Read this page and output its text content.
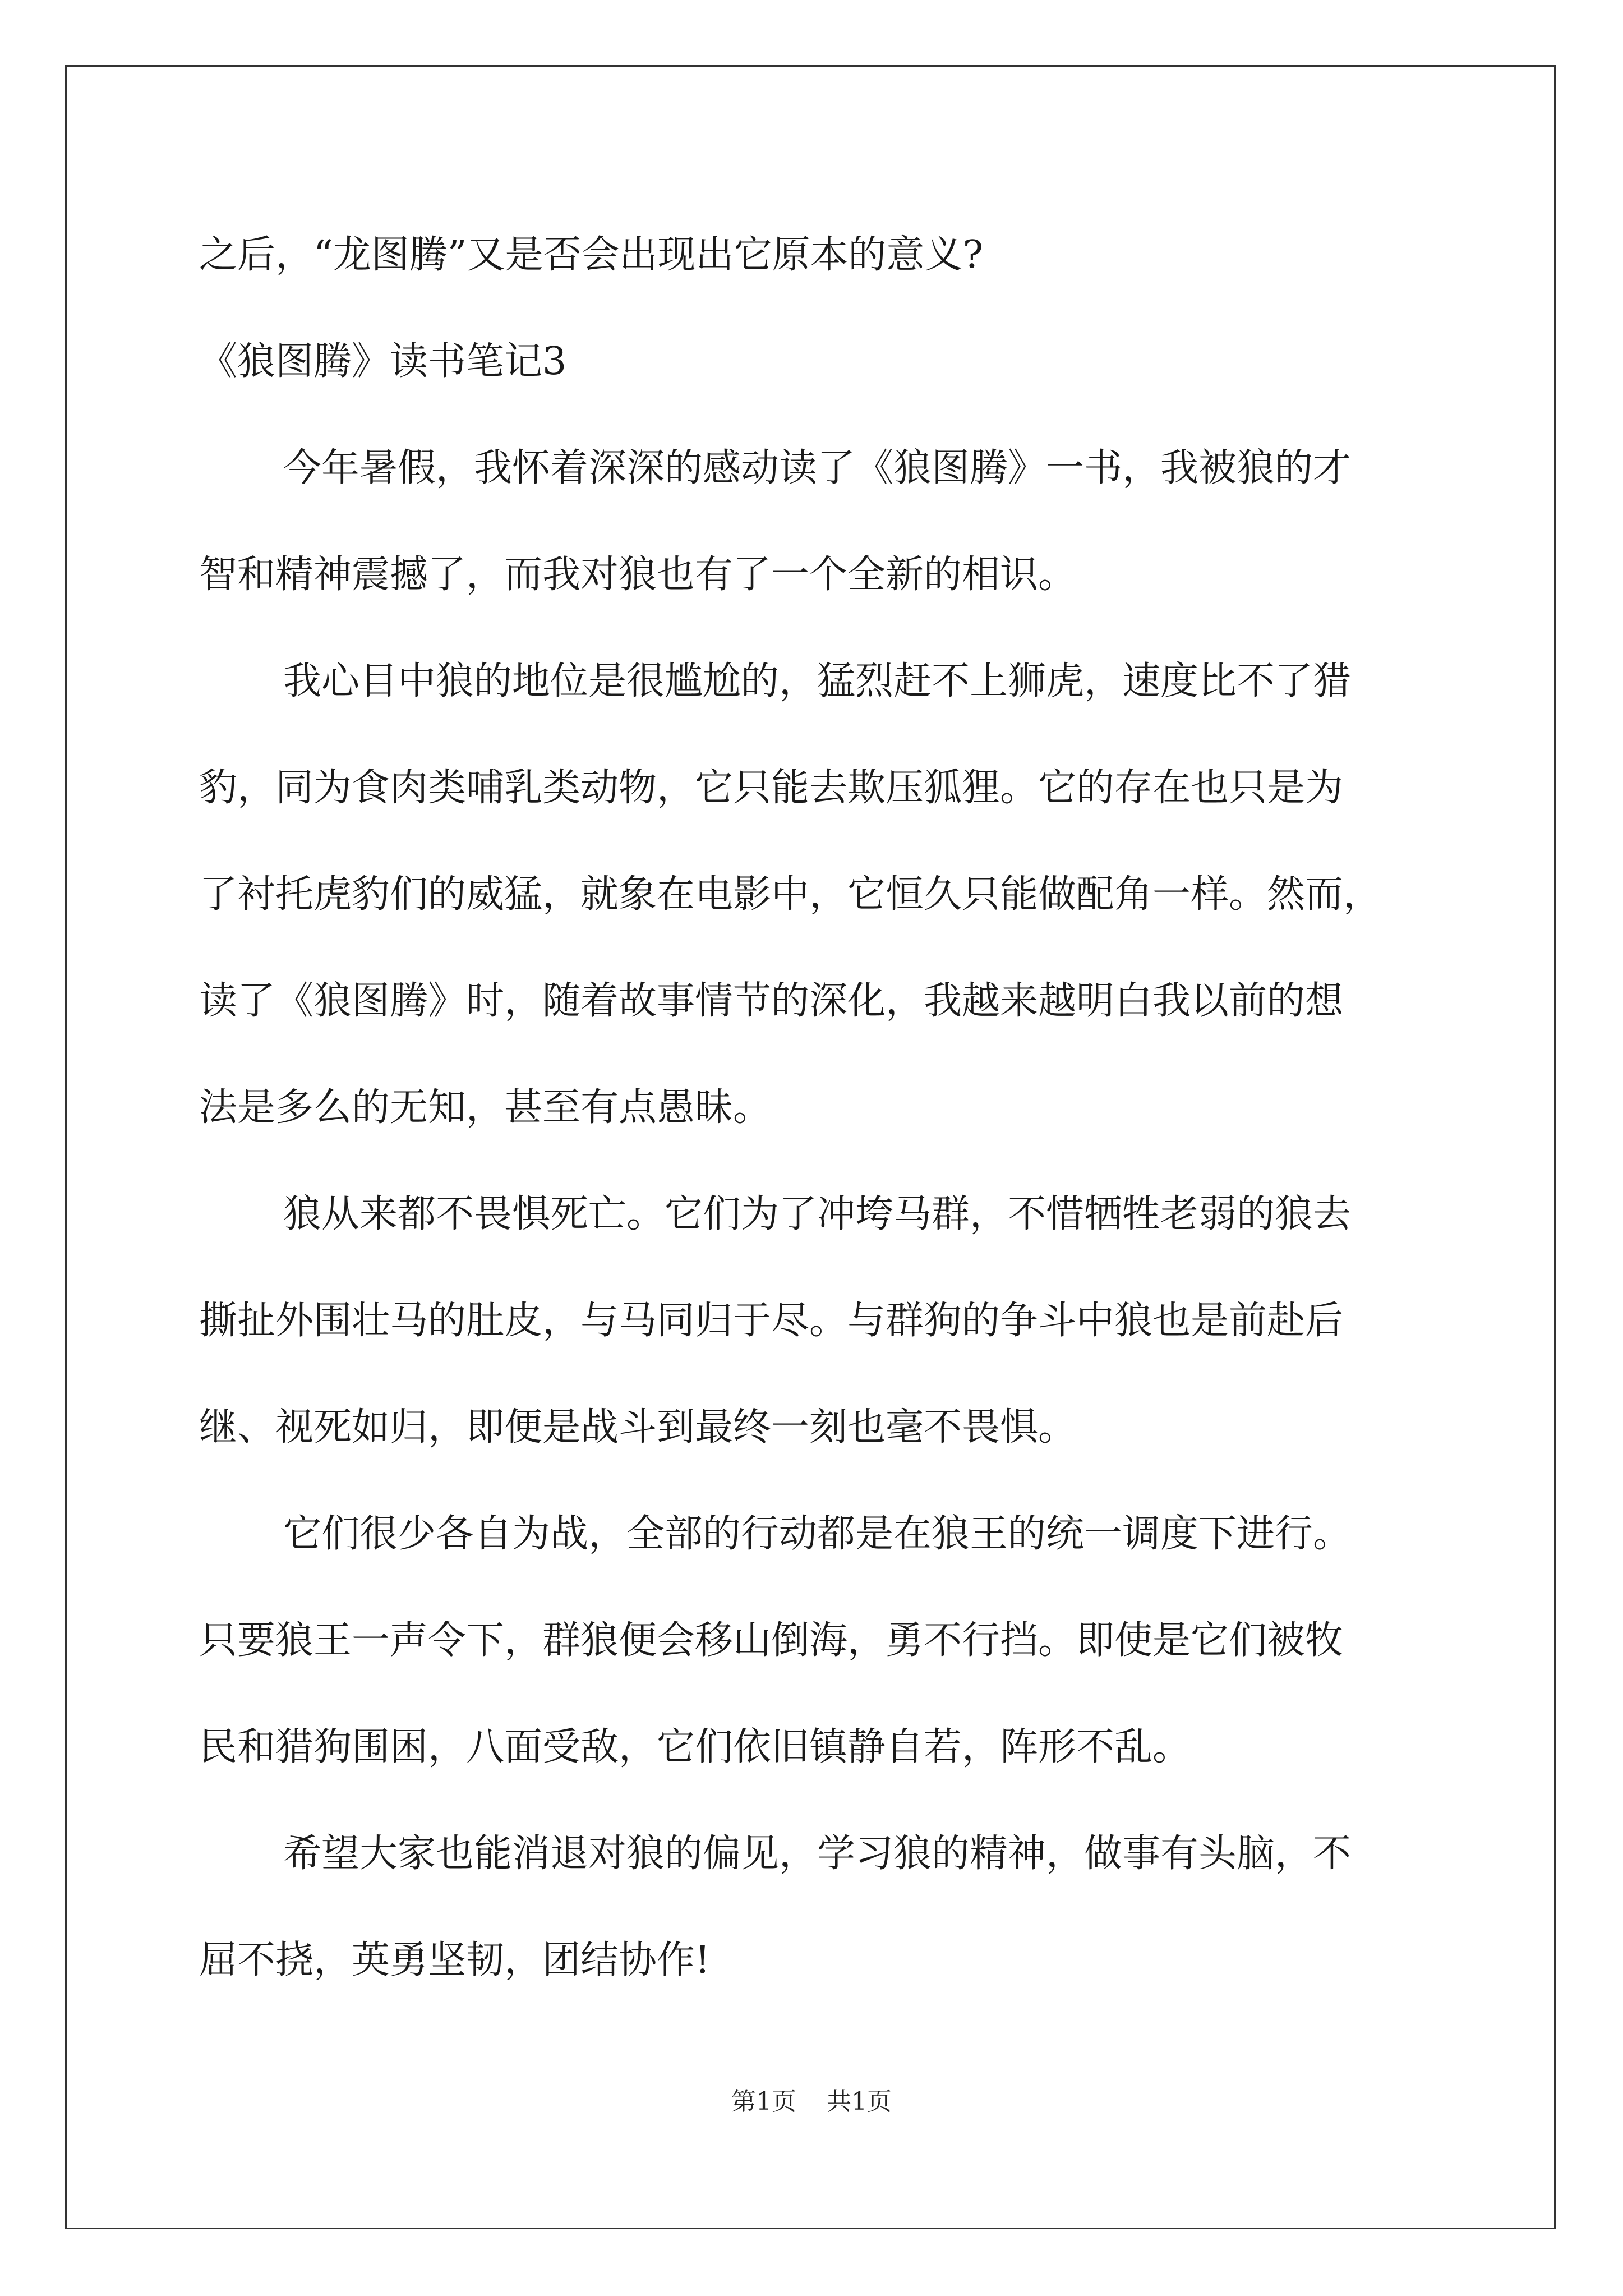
之后，“龙图腾”又是否会出现出它原本的意义?

《狼图腾》读书笔记3

今年暑假，我怀着深深的感动读了《狼图腾》一书，我被狼的才

智和精神震撼了，而我对狼也有了一个全新的相识。

我心目中狼的地位是很尴尬的，猛烈赶不上狮虎，速度比不了猎

豹，同为食肉类哺乳类动物，它只能去欺压狐狸。它的存在也只是为

了衬托虎豹们的威猛，就象在电影中，它恒久只能做配角一样。然而，

读了《狼图腾》时，随着故事情节的深化，我越来越明白我以前的想

法是多么的无知，甚至有点愚昧。

狼从来都不畏惧死亡。它们为了冲垮马群，不惜牺牲老弱的狼去

撕扯外围壮马的肚皮，与马同归于尽。与群狗的争斗中狼也是前赴后

继、视死如归，即便是战斗到最终一刻也毫不畏惧。

它们很少各自为战，全部的行动都是在狼王的统一调度下进行。

只要狼王一声令下，群狼便会移山倒海，勇不行挡。即使是它们被牧

民和猎狗围困，八面受敌，它们依旧镇静自若，阵形不乱。

希望大家也能消退对狼的偏见，学习狼的精神，做事有头脑，不

屈不挠，英勇坚韧，团结协作!

第1页 共1页
